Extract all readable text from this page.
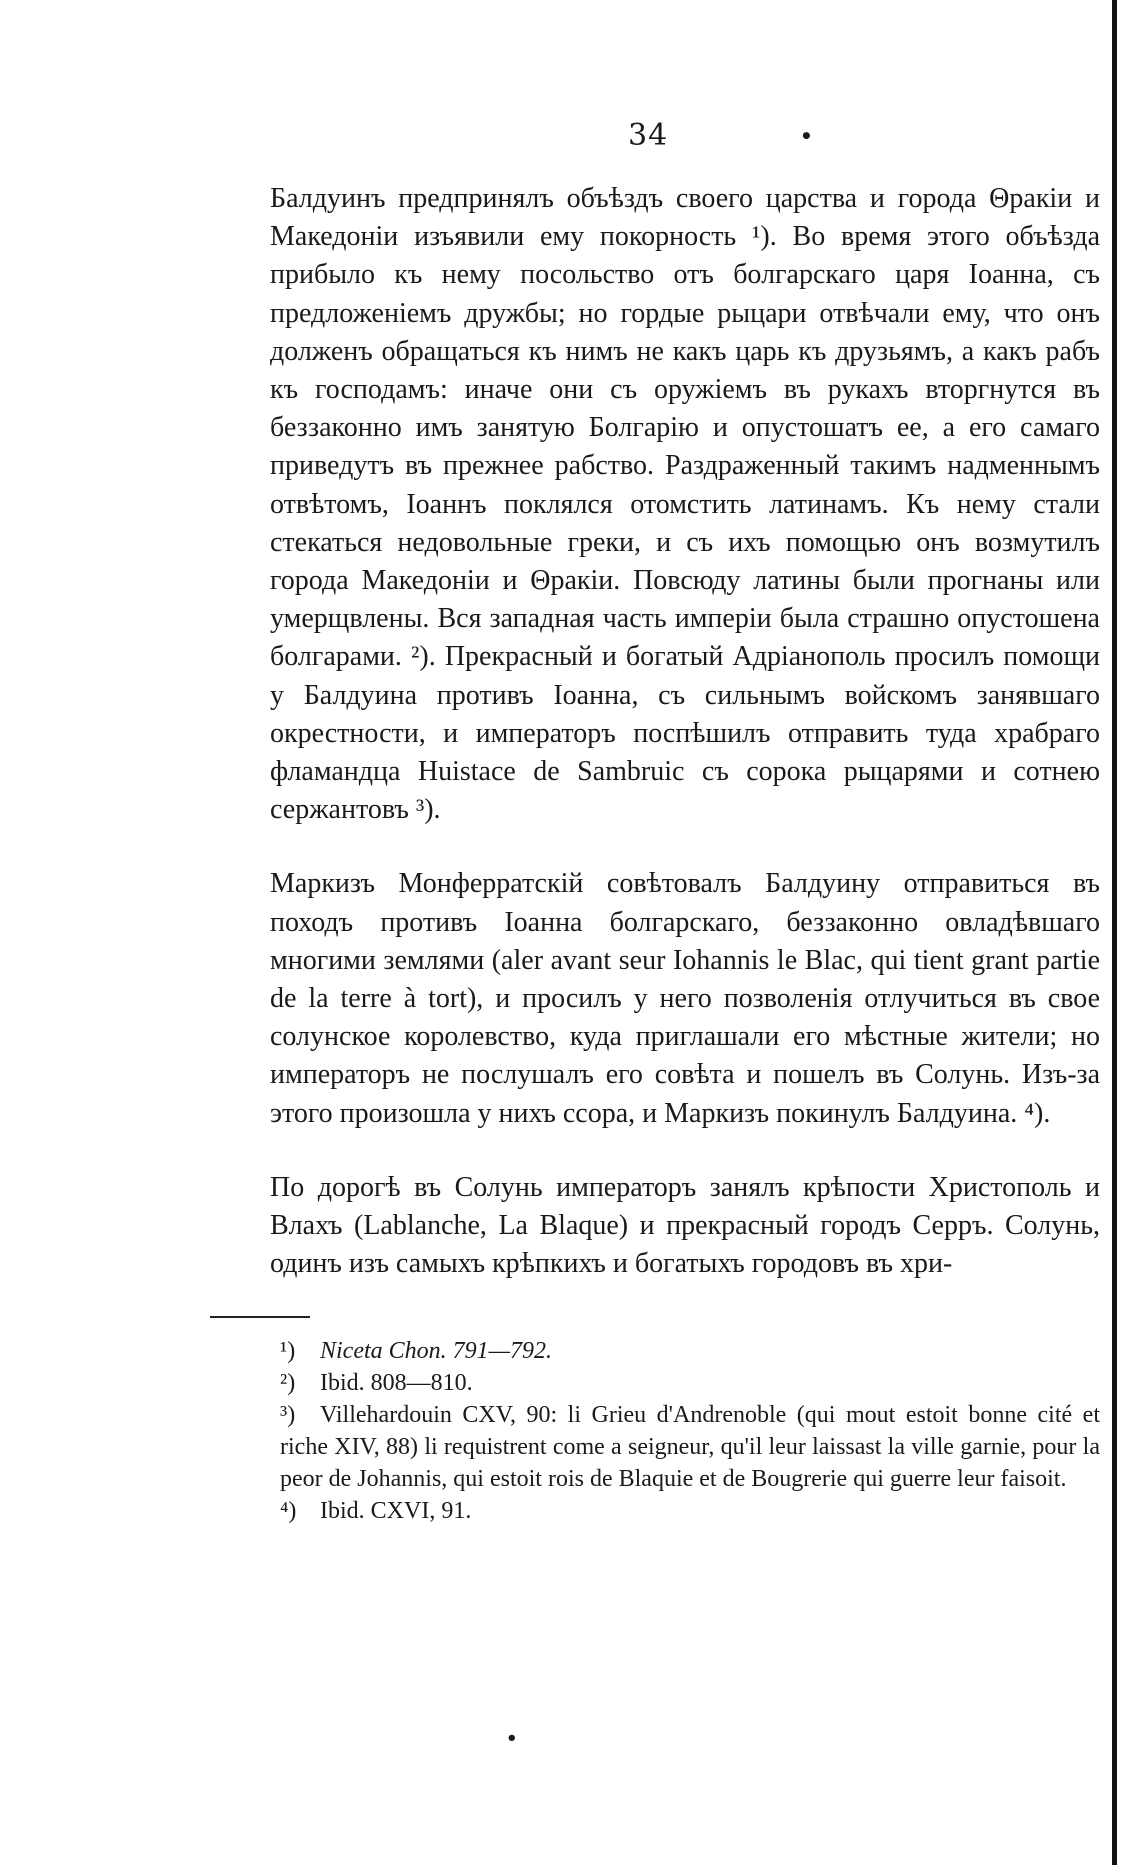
34	•

Балдуинъ предпринялъ объѣздъ своего царства и города Θракіи и Македоніи изъявили ему покорность ¹). Во время этого объѣзда прибыло къ нему посольство отъ болгарскаго царя Іоанна, съ предложеніемъ дружбы; но гордые рыцари отвѣчали ему, что онъ долженъ обращаться къ нимъ не какъ царь къ друзьямъ, а какъ рабъ къ господамъ: иначе они съ оружіемъ въ рукахъ вторгнутся въ беззаконно имъ занятую Болгарію и опустошатъ ее, а его самаго приведутъ въ прежнее рабство. Раздраженный такимъ надменнымъ отвѣтомъ, Іоаннъ поклялся отомстить латинамъ. Къ нему стали стекаться недовольные греки, и съ ихъ помощью онъ возмутилъ города Македоніи и Θракіи. Повсюду латины были прогнаны или умерщвлены. Вся западная часть имперіи была страшно опустошена болгарами. ²). Прекрасный и богатый Адріанополь просилъ помощи у Балдуина противъ Іоанна, съ сильнымъ войскомъ занявшаго окрестности, и императоръ поспѣшилъ отправить туда храбраго фламандца Huistace de Sambruic съ сорока рыцарями и сотнею сержантовъ ³).

Маркизъ Монферратскій совѣтовалъ Балдуину отправиться въ походъ противъ Іоанна болгарскаго, беззаконно овладѣвшаго многими землями (aler avant seur Iohannis le Blac, qui tient grant partie de la terre à tort), и просилъ у него позволенія отлучиться въ свое солунское королевство, куда приглашали его мѣстные жители; но императоръ не послушалъ его совѣта и пошелъ въ Солунь. Изъ-за этого произошла у нихъ ссора, и Маркизъ покинулъ Балдуина. ⁴).

По дорогѣ въ Солунь императоръ занялъ крѣпости Христополь и Влахъ (Lablanche, La Blaque) и прекрасный городъ Серръ. Солунь, одинъ изъ самыхъ крѣпкихъ и богатыхъ городовъ въ хри-

¹) Niceta Chon. 791—792.

²) Ibid. 808—810.

³) Villehardouin CXV, 90: li Grieu d'Andrenoble (qui mout estoit bonne cité et riche XIV, 88) li requistrent come a seigneur, qu'il leur laissast la ville garnie, pour la peor de Johannis, qui estoit rois de Blaquie et de Bougrerie qui guerre leur faisoit.

⁴) Ibid. CXVI, 91.

•
